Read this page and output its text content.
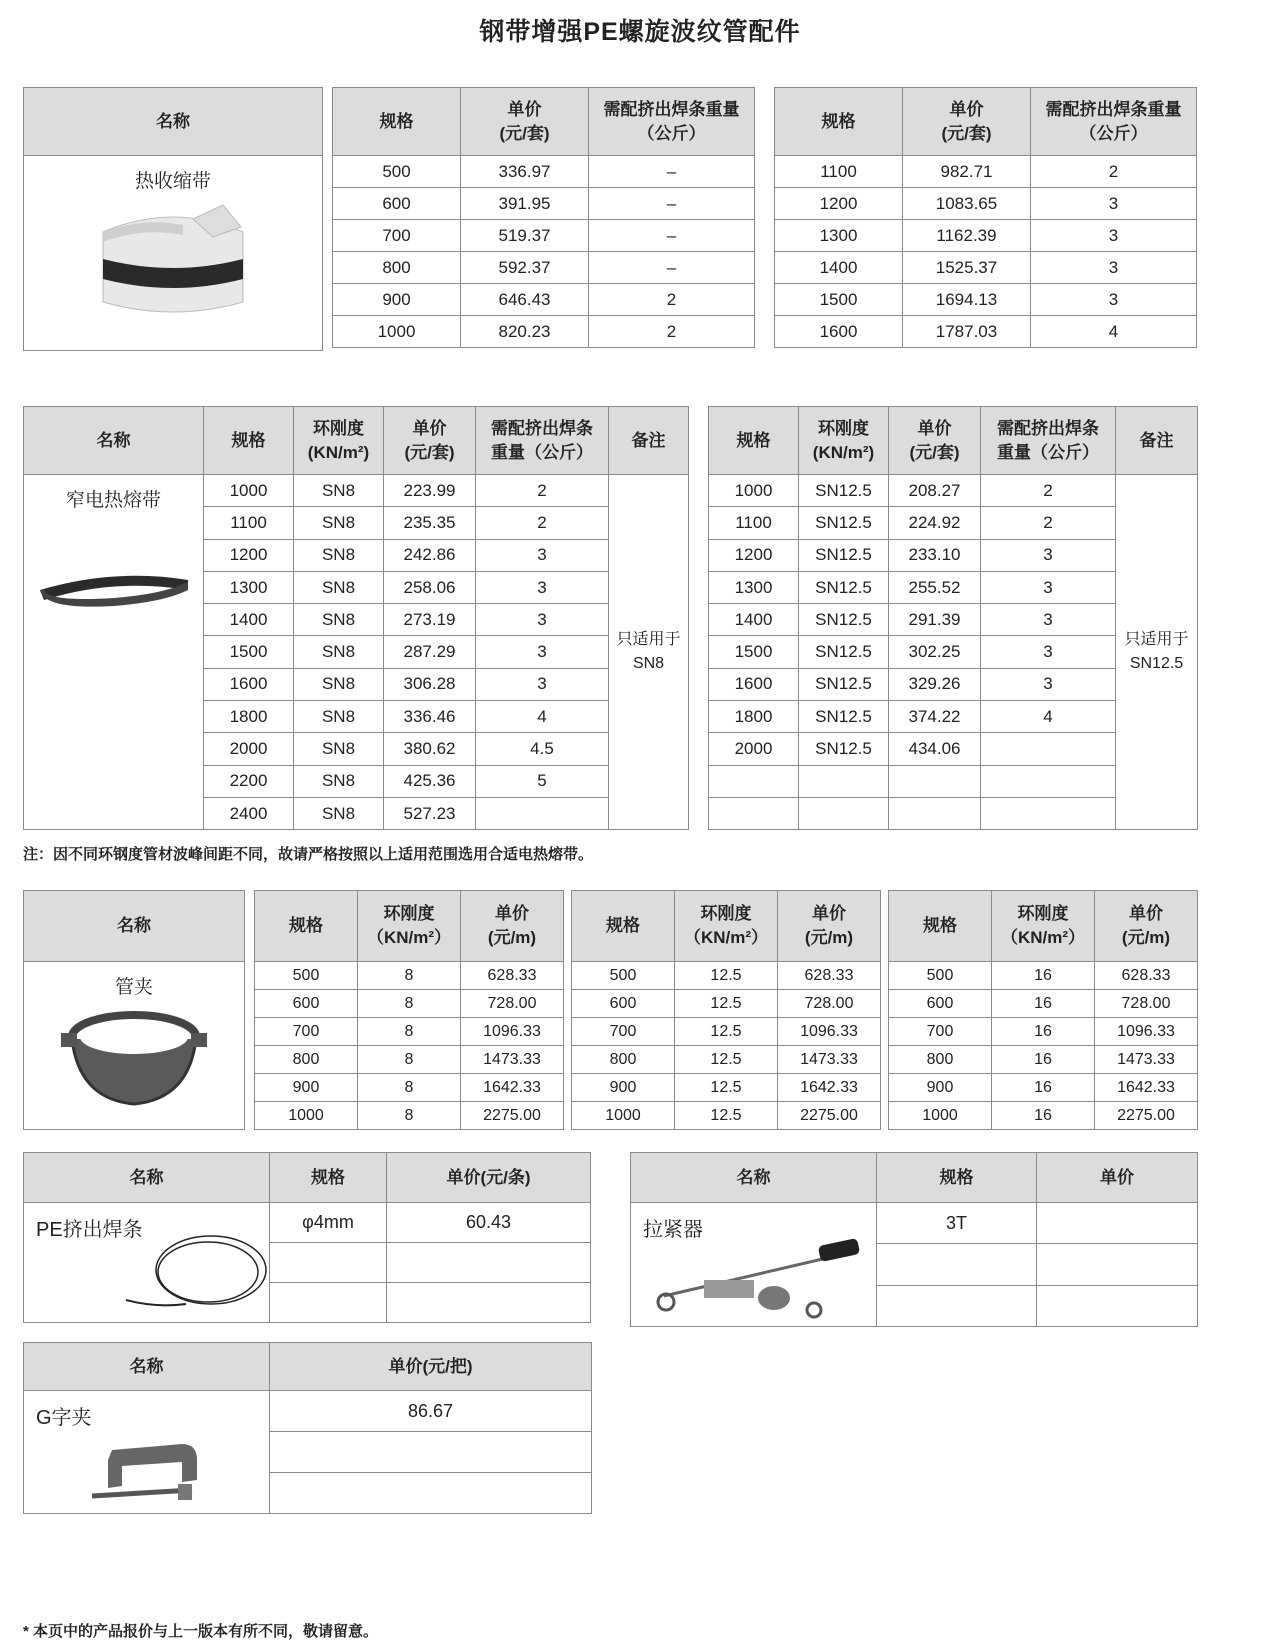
钢带增强PE螺旋波纹管配件
名称

热收缩带
规格	单价
(元/套)	需配挤出焊条重量
（公斤）
500	336.97	–
600	391.95	–
700	519.37	–
800	592.37	–
900	646.43	2
1000	820.23	2
规格	单价
(元/套)	需配挤出焊条重量
（公斤）
1100	982.71	2
1200	1083.65	3
1300	1162.39	3
1400	1525.37	3
1500	1694.13	3
1600	1787.03	4
名称	规格	环刚度
(KN/m²)	单价
(元/套)	需配挤出焊条
重量（公斤）	备注

窄电热熔带	1000	SN8	223.99	2	只适用于
SN8
	1100	SN8	235.35	2	
	1200	SN8	242.86	3	
	1300	SN8	258.06	3	
	1400	SN8	273.19	3	
	1500	SN8	287.29	3	
	1600	SN8	306.28	3	
	1800	SN8	336.46	4	
	2000	SN8	380.62	4.5	
	2200	SN8	425.36	5	
	2400	SN8	527.23		
规格	环刚度
(KN/m²)	单价
(元/套)	需配挤出焊条
重量（公斤）	备注
1000	SN12.5	208.27	2	只适用于
SN12.5
1100	SN12.5	224.92	2	
1200	SN12.5	233.10	3	
1300	SN12.5	255.52	3	
1400	SN12.5	291.39	3	
1500	SN12.5	302.25	3	
1600	SN12.5	329.26	3	
1800	SN12.5	374.22	4	
2000	SN12.5	434.06		

注：因不同环钢度管材波峰间距不同，故请严格按照以上适用范围选用合适电热熔带。
名称

管夹
规格	环刚度
（KN/m²）	单价
(元/m)
500	8	628.33
600	8	728.00
700	8	1096.33
800	8	1473.33
900	8	1642.33
1000	8	2275.00
规格	环刚度
（KN/m²）	单价
(元/m)
500	12.5	628.33
600	12.5	728.00
700	12.5	1096.33
800	12.5	1473.33
900	12.5	1642.33
1000	12.5	2275.00
规格	环刚度
（KN/m²）	单价
(元/m)
500	16	628.33
600	16	728.00
700	16	1096.33
800	16	1473.33
900	16	1642.33
1000	16	2275.00
名称	规格	单价(元/条)

PE挤出焊条	φ4mm	60.43

名称	规格	单价

拉紧器	3T	

名称	单价(元/把)

G字夹	86.67

* 本页中的产品报价与上一版本有所不同，敬请留意。
